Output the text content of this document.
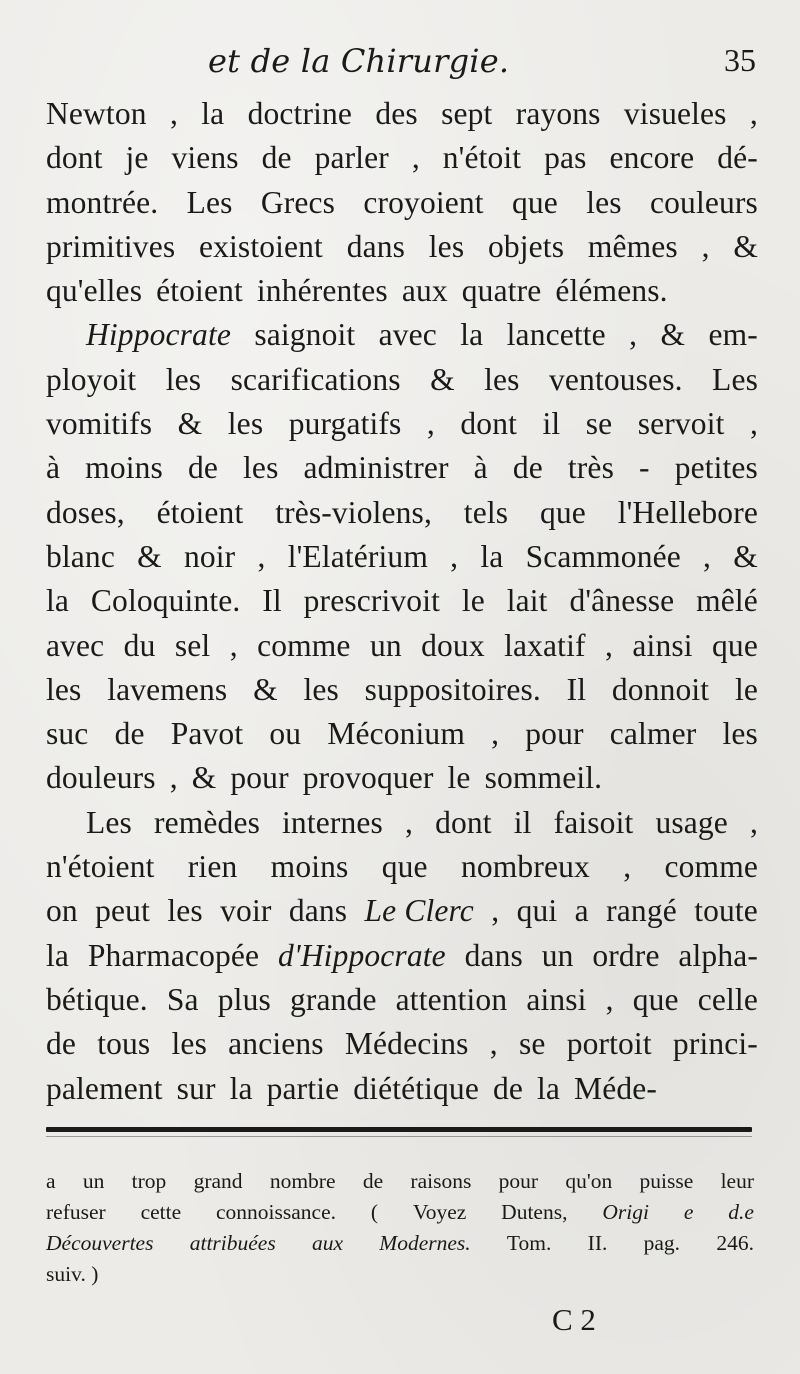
et de la Chirurgie.	35
Newton , la doctrine des sept rayons visueles ,
dont je viens de parler , n'étoit pas encore dé-
montrée. Les Grecs croyoient que les couleurs
primitives existoient dans les objets mêmes , &
qu'elles étoient inhérentes aux quatre élémens.
Hippocrate saignoit avec la lancette , & em-
ployoit les scarifications & les ventouses. Les
vomitifs & les purgatifs , dont il se servoit ,
à moins de les administrer à de très - petites
doses, étoient très-violens, tels que l'Hellebore
blanc & noir , l'Elatérium , la Scammonée , &
la Coloquinte. Il prescrivoit le lait d'ânesse mêlé
avec du sel , comme un doux laxatif , ainsi que
les lavemens & les suppositoires. Il donnoit le
suc de Pavot ou Méconium , pour calmer les
douleurs , & pour provoquer le sommeil.
Les remèdes internes , dont il faisoit usage ,
n'étoient rien moins que nombreux , comme
on peut les voir dans Le Clerc , qui a rangé toute
la Pharmacopée d'Hippocrate dans un ordre alpha-
bétique. Sa plus grande attention ainsi , que celle
de tous les anciens Médecins , se portoit princi-
palement sur la partie diététique de la Méde-
a un trop grand nombre de raisons pour qu'on puisse leur
refuser cette connoissance. ( Voyez Dutens, Origi e d.e
Découvertes attribuées aux Modernes. Tom. II. pag. 246.
suiv. )
C 2
